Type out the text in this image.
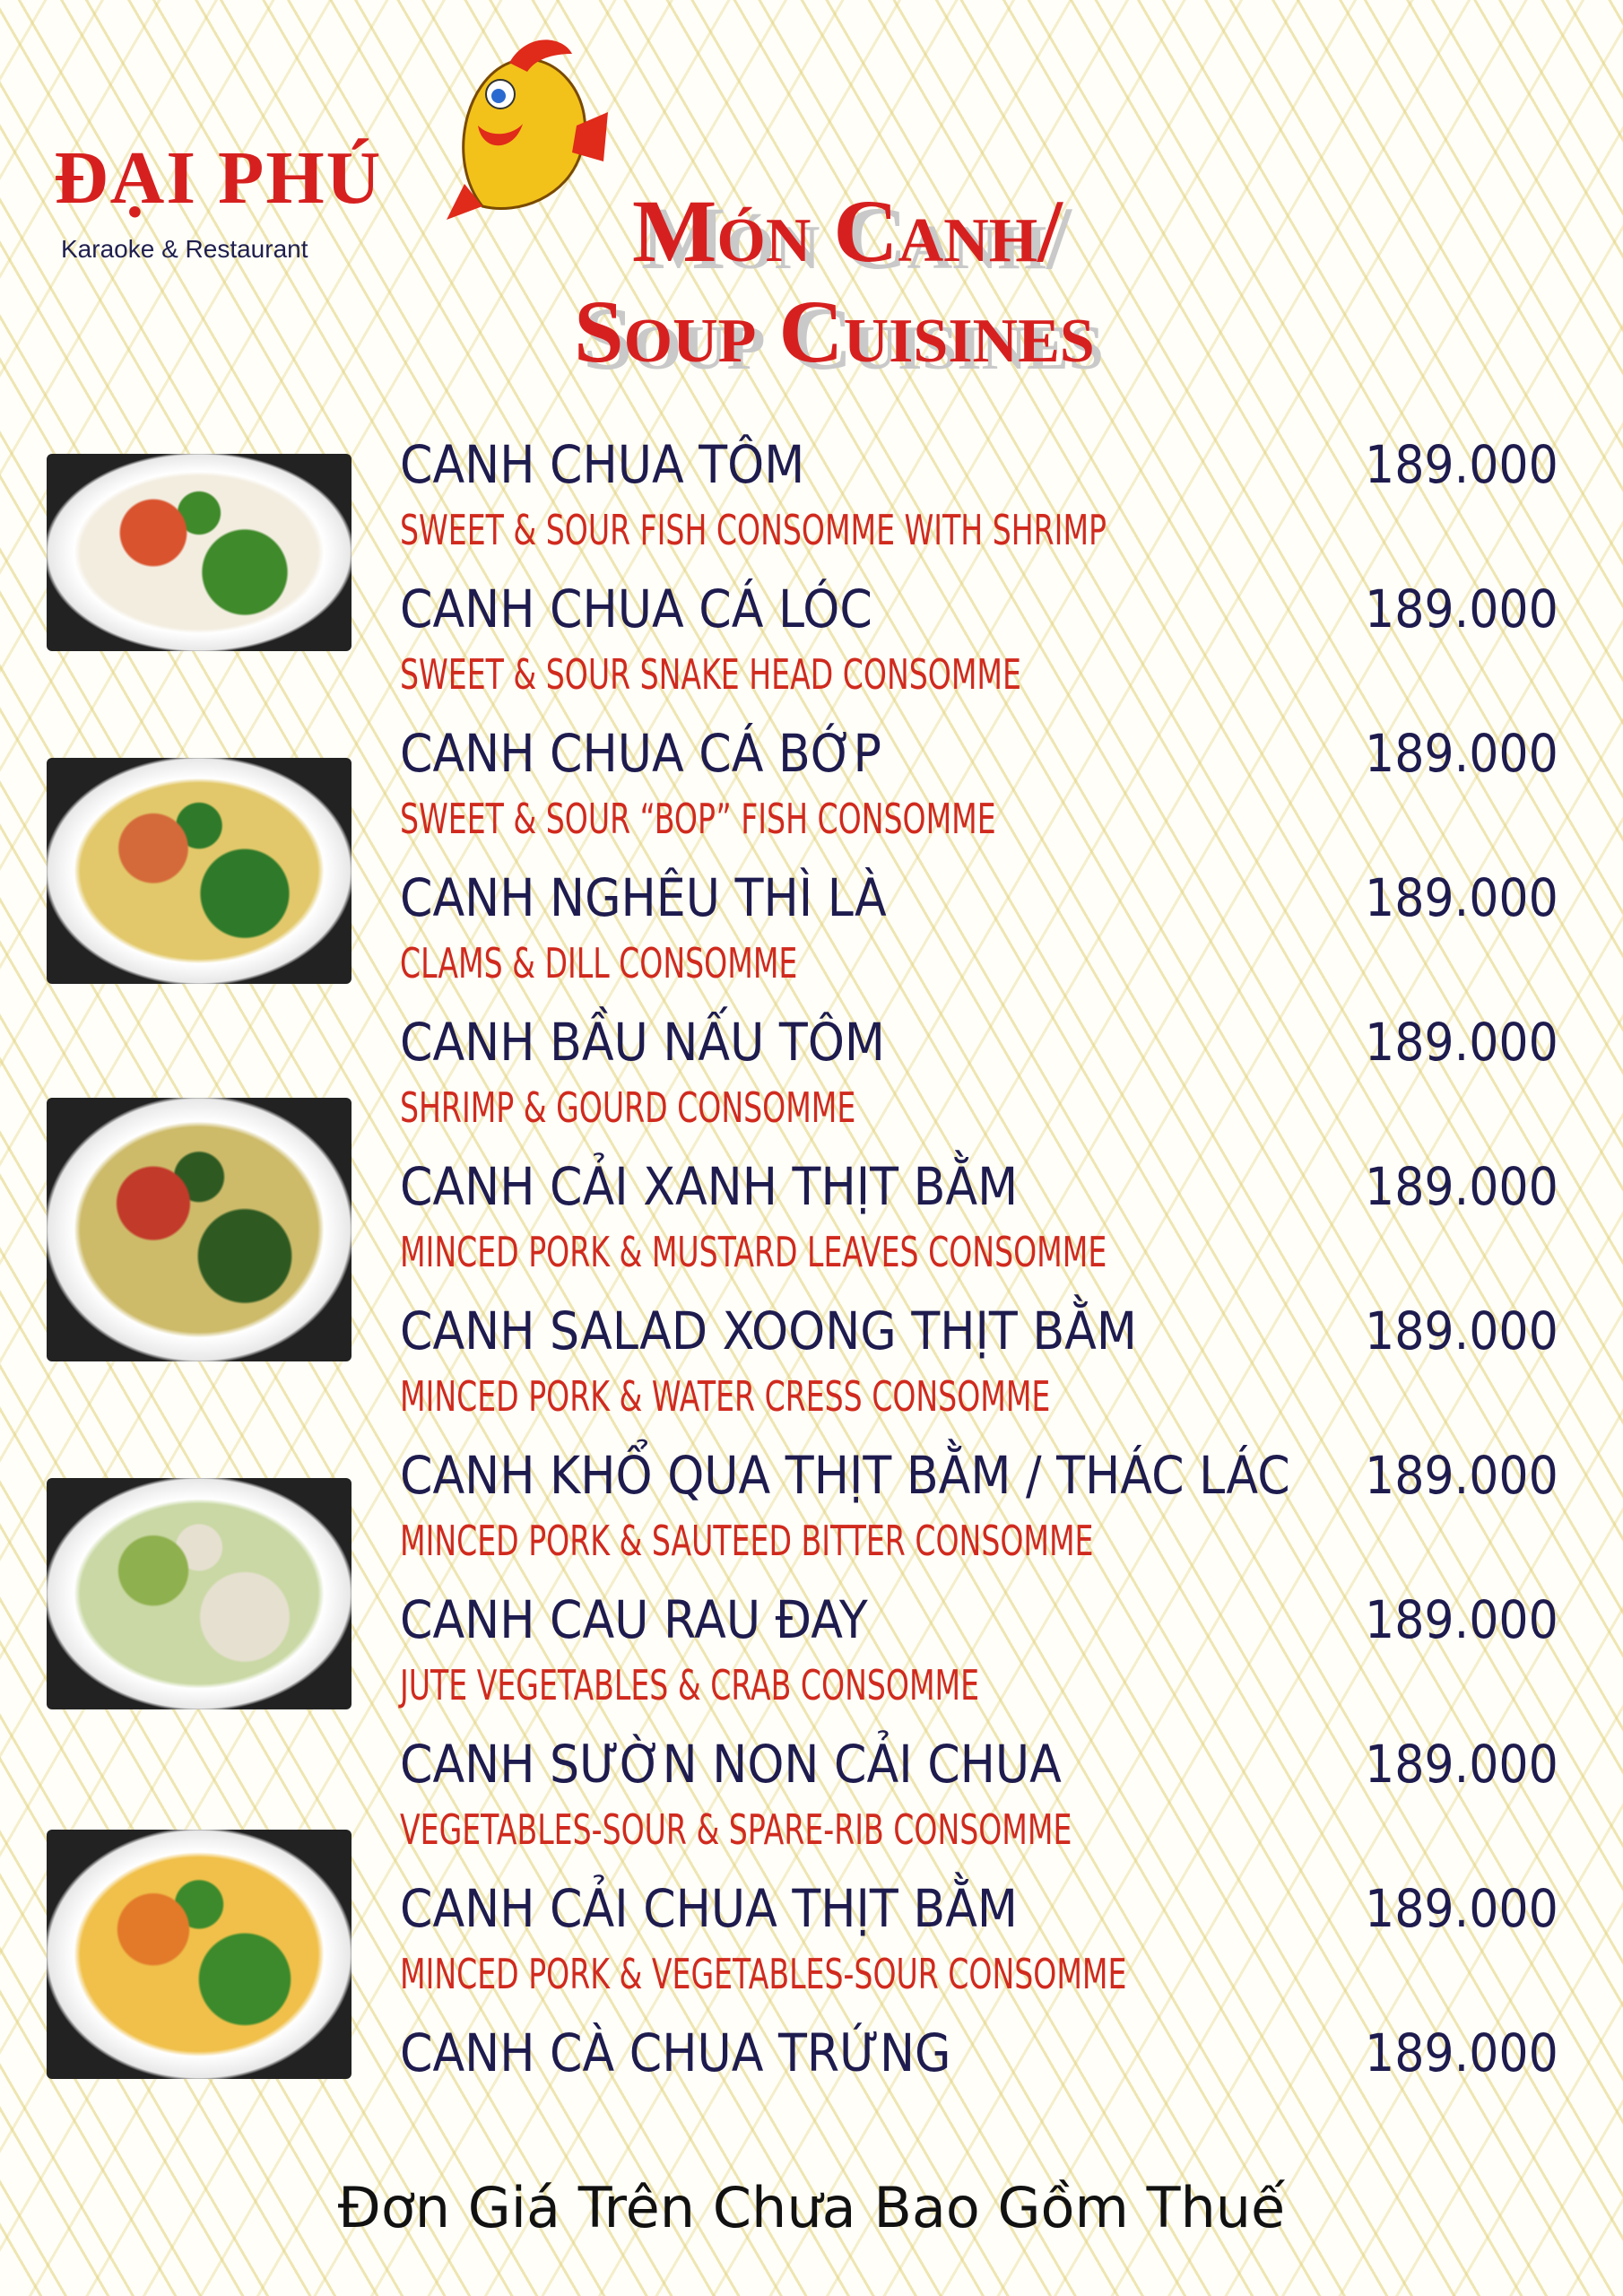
ĐẠI PHÚ
Karaoke & Restaurant	Món Canh/
Soup Cuisines
CANH CHUA TÔM	189.000
SWEET & SOUR FISH CONSOMME WITH SHRIMP
CANH CHUA CÁ LÓC	189.000
SWEET & SOUR SNAKE HEAD CONSOMME
CANH CHUA CÁ BỚP	189.000
SWEET & SOUR “BOP” FISH CONSOMME
CANH NGHÊU THÌ LÀ	189.000
CLAMS & DILL CONSOMME
CANH BẦU NẤU TÔM	189.000
SHRIMP & GOURD CONSOMME
CANH CẢI XANH THỊT BẰM	189.000
MINCED PORK & MUSTARD LEAVES CONSOMME
CANH SALAD XOONG THỊT BẰM	189.000
MINCED PORK & WATER CRESS CONSOMME
CANH KHỔ QUA THỊT BẰM / THÁC LÁC 189.000
MINCED PORK & SAUTEED BITTER CONSOMME
CANH CAU RAU ĐAY	189.000
JUTE VEGETABLES & CRAB CONSOMME
CANH SƯỜN NON CẢI CHUA	189.000
VEGETABLES-SOUR & SPARE-RIB CONSOMME
CANH CẢI CHUA THỊT BẰM	189.000
MINCED PORK & VEGETABLES-SOUR CONSOMME
CANH CÀ CHUA TRỨNG	189.000
Đơn Giá Trên Chưa Bao Gồm Thuế
